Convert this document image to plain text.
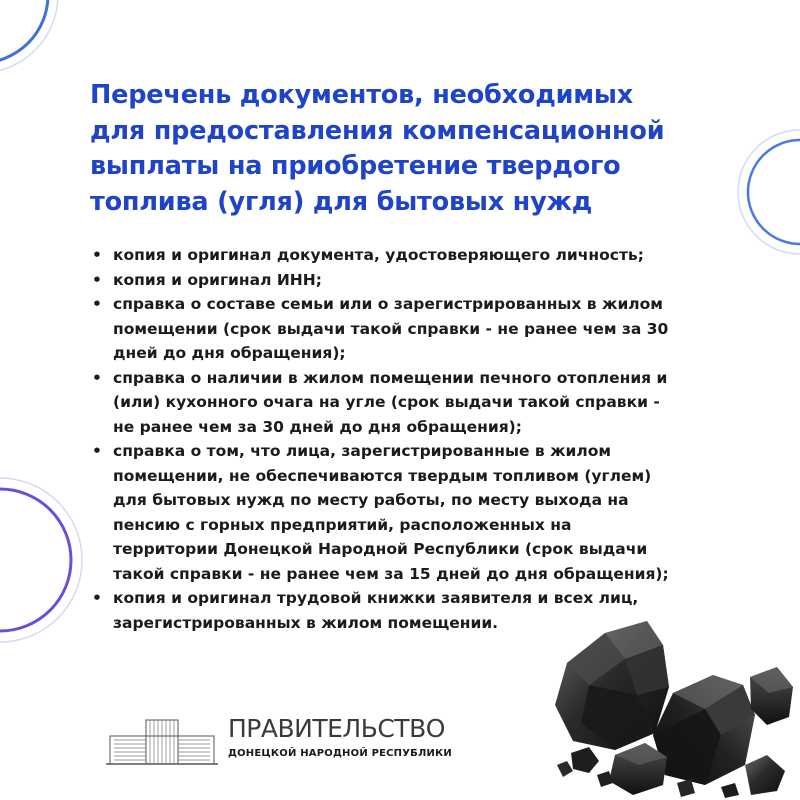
Перечень документов, необходимых
для предоставления компенсационной
выплаты на приобретение твердого
топлива (угля) для бытовых нужд
• копия и оригинал документа, удостоверяющего личность;
• копия и оригинал ИНН;
• справка о составе семьи или о зарегистрированных в жилом
помещении (срок выдачи такой справки - не ранее чем за 30
дней до дня обращения);
• справка о наличии в жилом помещении печного отопления и
(или) кухонного очага на угле (срок выдачи такой справки -
не ранее чем за 30 дней до дня обращения);
• справка о том, что лица, зарегистрированные в жилом
помещении, не обеспечиваются твердым топливом (углем)
для бытовых нужд по месту работы, по месту выхода на
пенсию с горных предприятий, расположенных на
территории Донецкой Народной Республики (срок выдачи
такой справки - не ранее чем за 15 дней до дня обращения);
• копия и оригинал трудовой книжки заявителя и всех лиц,
зарегистрированных в жилом помещении.
ПРАВИТЕЛЬСТВО
ДОНЕЦКОЙ НАРОДНОЙ РЕСПУБЛИКИ
